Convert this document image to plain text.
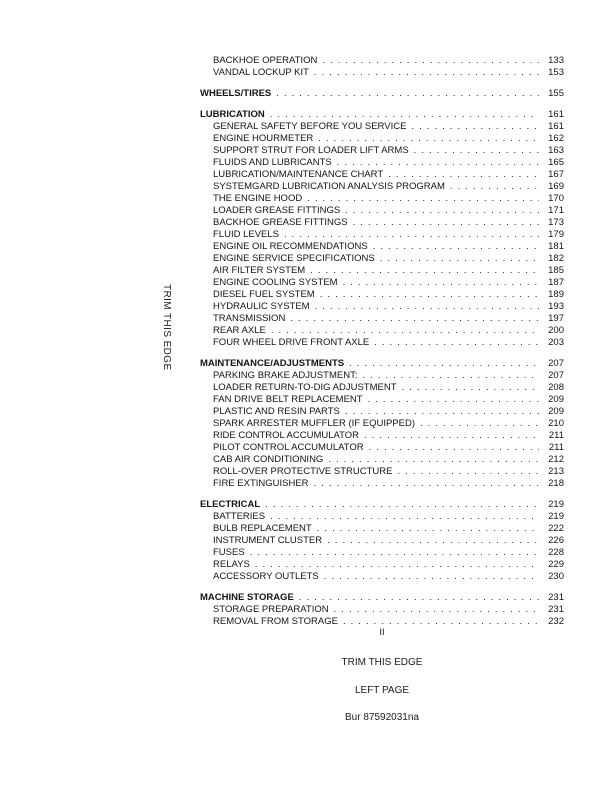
TRIM THIS EDGE
BACKHOE OPERATION . . .	133
VANDAL LOCKUP KIT . . .	153
WHEELS/TIRES . . .	155
LUBRICATION . . .	161
GENERAL SAFETY BEFORE YOU SERVICE . . .	161
ENGINE HOURMETER . . .	162
SUPPORT STRUT FOR LOADER LIFT ARMS . . .	163
FLUIDS AND LUBRICANTS . . .	165
LUBRICATION/MAINTENANCE CHART . . .	167
SYSTEMGARD LUBRICATION ANALYSIS PROGRAM . . .	169
THE ENGINE HOOD . . .	170
LOADER GREASE FITTINGS . . .	171
BACKHOE GREASE FITTINGS . . .	173
FLUID LEVELS . . .	179
ENGINE OIL RECOMMENDATIONS . . .	181
ENGINE SERVICE SPECIFICATIONS . . .	182
AIR FILTER SYSTEM . . .	185
ENGINE COOLING SYSTEM . . .	187
DIESEL FUEL SYSTEM . . .	189
HYDRAULIC SYSTEM . . .	193
TRANSMISSION . . .	197
REAR AXLE . . .	200
FOUR WHEEL DRIVE FRONT AXLE . . .	203
MAINTENANCE/ADJUSTMENTS . . .	207
PARKING BRAKE ADJUSTMENT: . . .	207
LOADER RETURN-TO-DIG ADJUSTMENT . . .	208
FAN DRIVE BELT REPLACEMENT . . .	209
PLASTIC AND RESIN PARTS . . .	209
SPARK ARRESTER MUFFLER (IF EQUIPPED) . . .	210
RIDE CONTROL ACCUMULATOR . . .	211
PILOT CONTROL ACCUMULATOR . . .	211
CAB AIR CONDITIONING . . .	212
ROLL-OVER PROTECTIVE STRUCTURE . . .	213
FIRE EXTINGUISHER . . .	218
ELECTRICAL . . .	219
BATTERIES . . .	219
BULB REPLACEMENT . . .	222
INSTRUMENT CLUSTER . . .	226
FUSES . . .	228
RELAYS . . .	229
ACCESSORY OUTLETS . . .	230
MACHINE STORAGE . . .	231
STORAGE PREPARATION . . .	231
REMOVAL FROM STORAGE . . .	232
II
TRIM THIS EDGE
LEFT PAGE
Bur 87592031na
